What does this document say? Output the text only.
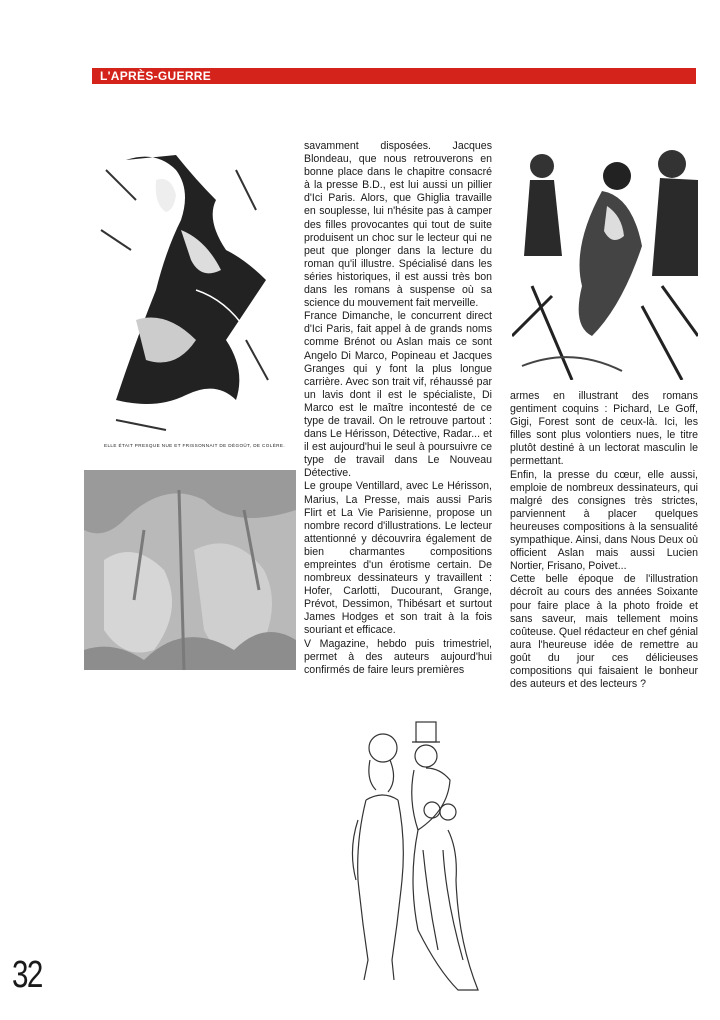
L'APRÈS-GUERRE
ELLE ÉTAIT PRESQUE NUE ET FRISSONNAIT DE DÉGOÛT, DE COLÈRE.

savamment disposées. Jacques Blondeau, que nous retrouverons en bonne place dans le chapitre consacré à la presse B.D., est lui aussi un pillier d'Ici Paris. Alors, que Ghiglia travaille en souplesse, lui n'hésite pas à camper des filles provocantes qui tout de suite produisent un choc sur le lecteur qui ne peut que plonger dans la lecture du roman qu'il illustre. Spécialisé dans les séries historiques, il est aussi très bon dans les romans à suspense où sa science du mouvement fait merveille.

France Dimanche, le concurrent direct d'Ici Paris, fait appel à de grands noms comme Brénot ou Aslan mais ce sont Angelo Di Marco, Popineau et Jacques Granges qui y font la plus longue carrière. Avec son trait vif, réhaussé par un lavis dont il est le spécialiste, Di Marco est le maître incontesté de ce type de travail. On le retrouve partout : dans Le Hérisson, Détective, Radar... et il est aujourd'hui le seul à poursuivre ce type de travail dans Le Nouveau Détective.

Le groupe Ventillard, avec Le Hérisson, Marius, La Presse, mais aussi Paris Flirt et La Vie Parisienne, propose un nombre record d'illustrations. Le lecteur attentionné y découvrira également de bien charmantes compositions empreintes d'un érotisme certain. De nombreux dessinateurs y travaillent : Hofer, Carlotti, Ducourant, Grange, Prévot, Dessimon, Thibésart et surtout James Hodges et son trait à la fois souriant et efficace.

V Magazine, hebdo puis trimestriel, permet à des auteurs aujourd'hui confirmés de faire leurs premières

armes en illustrant des romans gentiment coquins : Pichard, Le Goff, Gigi, Forest sont de ceux-là. Ici, les filles sont plus volontiers nues, le titre plutôt destiné à un lectorat masculin le permettant.

Enfin, la presse du cœur, elle aussi, emploie de nombreux dessinateurs, qui malgré des consignes très strictes, parviennent à placer quelques heureuses compositions à la sensualité sympathique. Ainsi, dans Nous Deux où officient Aslan mais aussi Lucien Nortier, Frisano, Poivet...

Cette belle époque de l'illustration décroît au cours des années Soixante pour faire place à la photo froide et sans saveur, mais tellement moins coûteuse. Quel rédacteur en chef génial aura l'heureuse idée de remettre au goût du jour ces délicieuses compositions qui faisaient le bonheur des auteurs et des lecteurs ?

32
